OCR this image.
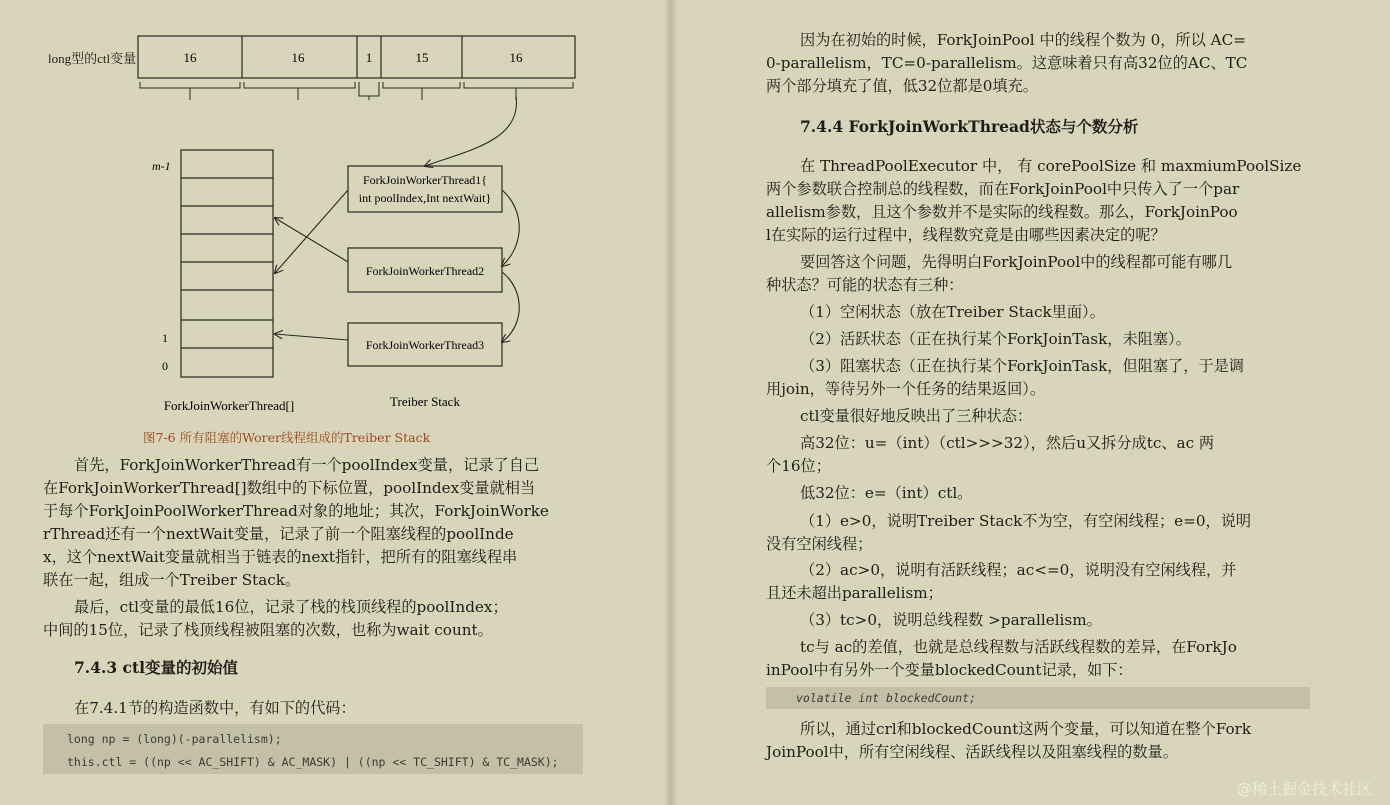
long型的ctl变量	16	16	1	15	16
m-1
1
0
ForkJoinWorkerThread[]
ForkJoinWorkerThread1{
int poolIndex,Int nextWait}
ForkJoinWorkerThread2
ForkJoinWorkerThread3
Treiber Stack
图7-6 所有阻塞的Worer线程组成的Treiber Stack
首先，ForkJoinWorkerThread有一个poolIndex变量，记录了自己
在ForkJoinWorkerThread[]数组中的下标位置，poolIndex变量就相当
于每个ForkJoinPoolWorkerThread对象的地址；其次，ForkJoinWorke
rThread还有一个nextWait变量，记录了前一个阻塞线程的poolInde
x，这个nextWait变量就相当于链表的next指针，把所有的阻塞线程串
联在一起，组成一个Treiber Stack。
最后，ctl变量的最低16位，记录了栈的栈顶线程的poolIndex；
中间的15位，记录了栈顶线程被阻塞的次数，也称为wait count。
7.4.3 ctl变量的初始值
在7.4.1节的构造函数中，有如下的代码：
long np = (long)(-parallelism);
this.ctl = ((np << AC_SHIFT) & AC_MASK) | ((np << TC_SHIFT) & TC_MASK);
因为在初始的时候，ForkJoinPool 中的线程个数为 0，所以 AC=
0-parallelism，TC=0-parallelism。这意味着只有高32位的AC、TC
两个部分填充了值，低32位都是0填充。
7.4.4 ForkJoinWorkThread状态与个数分析
在 ThreadPoolExecutor 中， 有 corePoolSize 和 maxmiumPoolSize
两个参数联合控制总的线程数，而在ForkJoinPool中只传入了一个par
allelism参数，且这个参数并不是实际的线程数。那么，ForkJoinPoo
l在实际的运行过程中，线程数究竟是由哪些因素决定的呢？
要回答这个问题，先得明白ForkJoinPool中的线程都可能有哪几
种状态？可能的状态有三种：
（1）空闲状态（放在Treiber Stack里面）。
（2）活跃状态（正在执行某个ForkJoinTask，未阻塞）。
（3）阻塞状态（正在执行某个ForkJoinTask，但阻塞了，于是调
用join，等待另外一个任务的结果返回）。
ctl变量很好地反映出了三种状态：
高32位：u=（int）（ctl>>>32），然后u又拆分成tc、ac 两
个16位；
低32位：e=（int）ctl。
（1）e>0，说明Treiber Stack不为空，有空闲线程；e=0，说明
没有空闲线程；
（2）ac>0，说明有活跃线程；ac<=0，说明没有空闲线程，并
且还未超出parallelism；
（3）tc>0，说明总线程数 >parallelism。
tc与 ac的差值，也就是总线程数与活跃线程数的差异，在ForkJo
inPool中有另外一个变量blockedCount记录，如下：
volatile int blockedCount;
所以，通过crl和blockedCount这两个变量，可以知道在整个Fork
JoinPool中，所有空闲线程、活跃线程以及阻塞线程的数量。
@稀土掘金技术社区
